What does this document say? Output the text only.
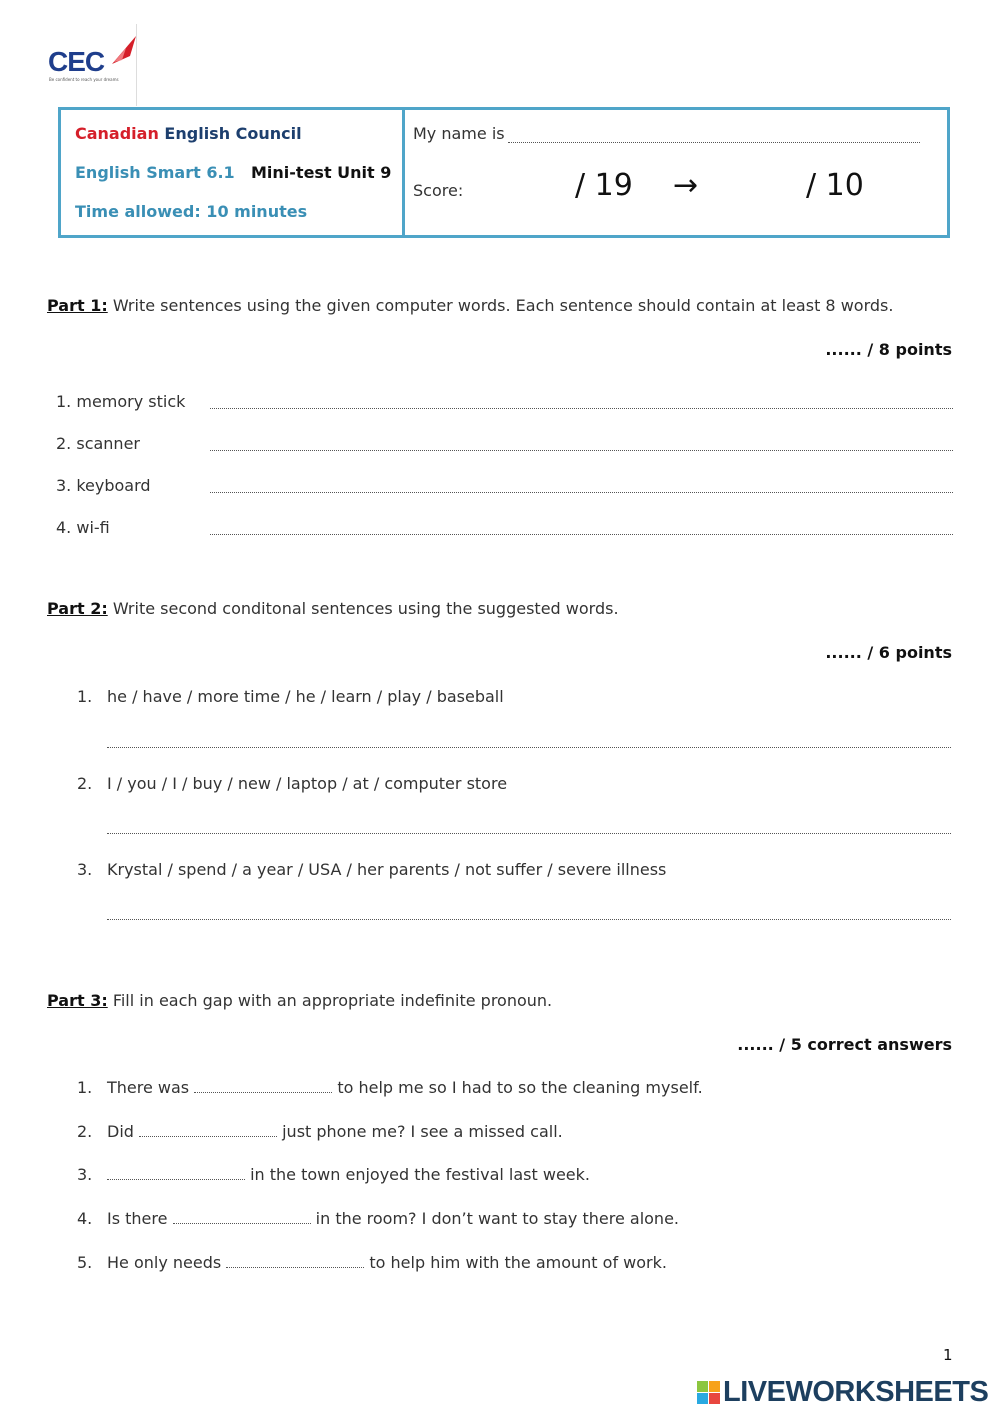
CEC
Be confident to reach your dreams
Canadian English Council
English Smart 6.1 Mini-test Unit 9
Time allowed: 10 minutes
My name is
Score:	/ 19 →	/ 10
Part 1: Write sentences using the given computer words. Each sentence should contain at least 8 words.
...... / 8 points
1. memory stick
2. scanner
3. keyboard
4. wi-fi
Part 2: Write second conditonal sentences using the suggested words.
...... / 6 points
1. he / have / more time / he / learn / play / baseball
2. I / you / I / buy / new / laptop / at / computer store
3. Krystal / spend / a year / USA / her parents / not suffer / severe illness
Part 3: Fill in each gap with an appropriate indefinite pronoun.
...... / 5 correct answers
1. There was	to help me so I had to so the cleaning myself.
2. Did	just phone me? I see a missed call.
3.	in the town enjoyed the festival last week.
4. Is there	in the room? I don’t want to stay there alone.
5. He only needs	to help him with the amount of work.
1
LIVEWORKSHEETS
